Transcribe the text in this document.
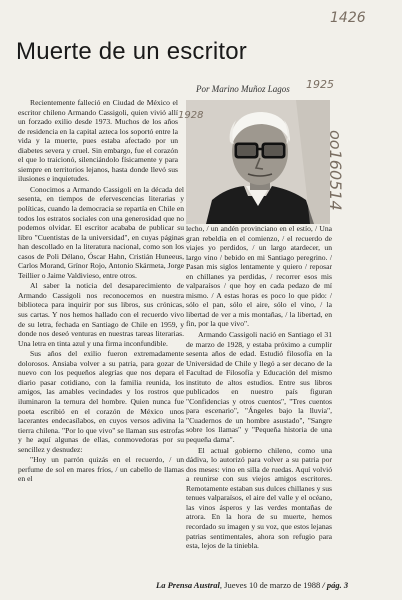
1426
Muerte de un escritor
1925
Por Marino Muñoz Lagos

Recientemente falleció en Ciudad de México el escritor chileno Armando Cassigoli, quien vivió allí un forzado exilio desde 1973. Muchos de los años de residencia en la capital azteca los soportó entre la vida y la muerte, pues estaba afectado por un diabetes severa y cruel. Sin embargo, fue el corazón el que lo traicionó, silenciándolo físicamente y para siempre en territorios lejanos, hasta donde llevó sus ilusiones e inquietudes.

Conocimos a Armando Cassigoli en la década del sesenta, en tiempos de efervescencias literarias y políticas, cuando la democracia se repartía en Chile en todos los estratos sociales con una generosidad que no podemos olvidar. El escritor acababa de publicar su libro "Cuentistas de la universidad", en cuyas páginas han descollado en la literatura nacional, como son los casos de Poli Délano, Óscar Hahn, Cristián Huneeus, Carlos Morand, Grínor Rojo, Antonio Skármeta, Jorge Teillier o Jaime Valdivieso, entre otros.

Al saber la noticia del desaparecimiento de Armando Cassigoli nos reconocemos en nuestra biblioteca para inquirir por sus libros, sus crónicas, sus cartas. Y nos hemos hallado con el recuerdo vivo de su letra, fechada en Santiago de Chile en 1959, y donde nos deseó venturas en nuestras tareas literarias. Una letra en tinta azul y una firma inconfundible.

Sus años del exilio fueron extremadamente dolorosos. Ansiaba volver a su patria, para gozar de nuevo con los pequeños alegrías que nos depara el diario pasar cotidiano, con la familia reunida, los amigos, las amables vecindades y los rostros que iluminaron la ternura del hombre. Quien nunca fue poeta escribió en el corazón de México unos lacerantes endecasílabos, en cuyos versos adivina la tierra chilena. "Por lo que vivo" se llaman sus estrofas y he aquí algunas de ellas, conmovedoras por su sencillez y desnudez:

"Hoy un parrón quizás en el recuerdo, / un perfume de sol en mares fríos, / un cabello de llamas en el

1928

lecho, / un andén provinciano en el estío, / Una gran rebeldía en el comienzo, / el recuerdo de viajes yo perdidos, / un largo atardecer, un largo vino / bebido en mi Santiago peregrino. / Pasan mis siglos lentamente y quiero / reposar en chillanes ya perdidas, / recorrer esos mis valparaísos / que hoy en cada pedazo de mí mismo. / A estas horas es poco lo que pido: / sólo el pan, sólo el aire, sólo el vino, / la libertad de ver a mis montañas, / la libertad, en fin, por la que vivo".

Armando Cassigoli nació en Santiago el 31 de marzo de 1928, y estaba próximo a cumplir sesenta años de edad. Estudió filosofía en la Universidad de Chile y llegó a ser decano de la Facultad de Filosofía y Educación del mismo instituto de altos estudios. Entre sus libros publicados en nuestro país figuran "Confidencias y otros cuentos", "Tres cuentos para escenario", "Ángeles bajo la lluvia", "Cuadernos de un hombre asustado", "Sangre sobre los llamas" y "Pequeña historia de una pequeña dama".

El actual gobierno chileno, como una dádiva, lo autorizó para volver a su patria por dos meses: vino en silla de ruedas. Aquí volvió a reunirse con sus viejos amigos escritores. Remotamente estaban sus dulces chillanes y sus tenues valparaísos, el aire del valle y el océano, las vinos ásperos y las verdes montañas de atrora. En la hora de su muerte, hemos recordado su imagen y su voz, que estos lejanas patrias sentimentales, ahora son refugio para esta, lejos de la tiniebla.

oo160514
La Prensa Austral, Jueves 10 de marzo de 1988 / pág. 3
